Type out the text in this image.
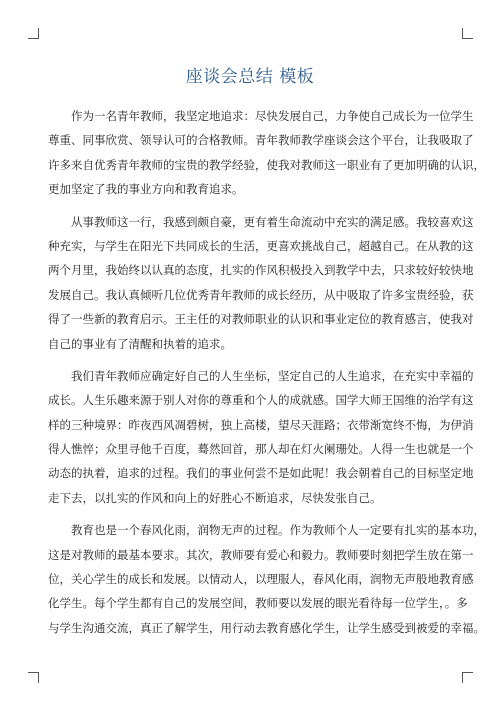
座谈会总结 模板
作为一名青年教师，我坚定地追求：尽快发展自己，力争使自己成长为一位学生
尊重、同事欣赏、领导认可的合格教师。青年教师教学座谈会这个平台，让我吸取了
许多来自优秀青年教师的宝贵的教学经验，使我对教师这一职业有了更加明确的认识，
更加坚定了我的事业方向和教育追求。
从事教师这一行，我感到颇自豪，更有着生命流动中充实的满足感。我较喜欢这
种充实，与学生在阳光下共同成长的生活，更喜欢挑战自己，超越自己。在从教的这
两个月里，我始终以认真的态度，扎实的作风积极投入到教学中去，只求较好较快地
发展自己。我认真倾听几位优秀青年教师的成长经历，从中吸取了许多宝贵经验，获
得了一些新的教育启示。王主任的对教师职业的认识和事业定位的教育感言，使我对
自己的事业有了清醒和执着的追求。
我们青年教师应确定好自己的人生坐标，坚定自己的人生追求，在充实中幸福的
成长。人生乐趣来源于别人对你的尊重和个人的成就感。国学大师王国维的治学有这
样的三种境界：昨夜西风凋碧树，独上高楼，望尽天涯路；衣带渐宽终不悔，为伊消
得人憔悴；众里寻他千百度，蓦然回首，那人却在灯火阑珊处。人得一生也就是一个
动态的执着，追求的过程。我们的事业何尝不是如此呢！我会朝着自己的目标坚定地
走下去，以扎实的作风和向上的好胜心不断追求，尽快发张自己。
教育也是一个春风化雨，润物无声的过程。作为教师个人一定要有扎实的基本功，
这是对教师的最基本要求。其次，教师要有爱心和毅力。教师要时刻把学生放在第一
位，关心学生的成长和发展。以情动人，以理服人，春风化雨，润物无声般地教育感
化学生。每个学生都有自己的发展空间，教师要以发展的眼光看待每一位学生，。多
与学生沟通交流，真正了解学生，用行动去教育感化学生，让学生感受到被爱的幸福。
